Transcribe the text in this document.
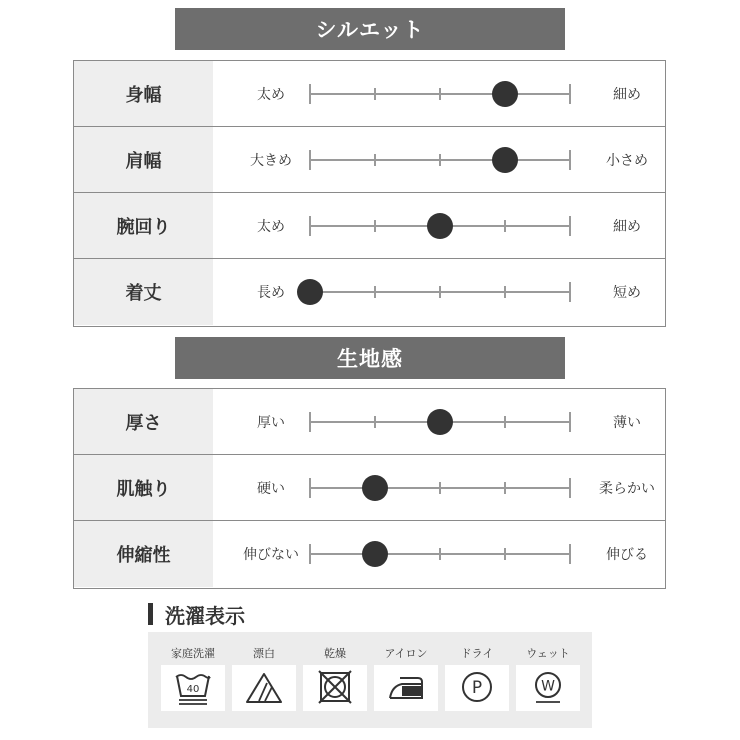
シルエット
身幅	太め	細め
肩幅	大きめ	小さめ
腕回り	太め	細め
着丈	長め	短め
生地感
厚さ	厚い	薄い
肌触り	硬い	柔らかい
伸縮性	伸びない	伸びる
洗濯表示
家庭洗濯
40
漂白	乾燥	アイロン	ドライ
P
ウェット
W
